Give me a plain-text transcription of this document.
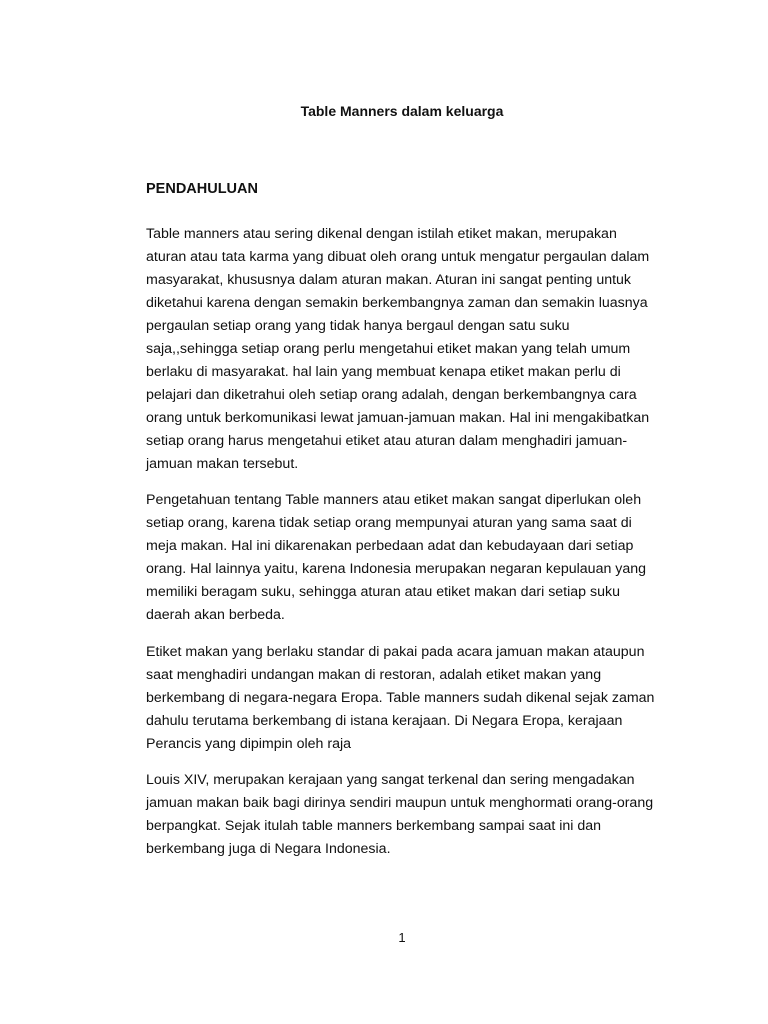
Table Manners dalam keluarga
PENDAHULUAN

Table manners atau sering dikenal dengan istilah etiket makan, merupakan

aturan atau tata karma yang dibuat oleh orang untuk mengatur pergaulan dalam

masyarakat, khususnya dalam aturan makan. Aturan ini sangat penting untuk

diketahui karena dengan semakin berkembangnya zaman dan semakin luasnya

pergaulan setiap orang yang tidak hanya bergaul dengan satu suku

saja,,sehingga setiap orang perlu mengetahui etiket makan yang telah umum

berlaku di masyarakat. hal lain yang membuat kenapa etiket makan perlu di

pelajari dan diketrahui oleh setiap orang adalah, dengan berkembangnya cara

orang untuk berkomunikasi lewat jamuan-jamuan makan. Hal ini mengakibatkan

setiap orang harus mengetahui etiket atau aturan dalam menghadiri jamuan-

jamuan makan tersebut.

Pengetahuan tentang Table manners atau etiket makan sangat diperlukan oleh

setiap orang, karena tidak setiap orang mempunyai aturan yang sama saat di

meja makan. Hal ini dikarenakan perbedaan adat dan kebudayaan dari setiap

orang. Hal lainnya yaitu, karena Indonesia merupakan negaran kepulauan yang

memiliki beragam suku, sehingga aturan atau etiket makan dari setiap suku

daerah akan berbeda.

Etiket makan yang berlaku standar di pakai pada acara jamuan makan ataupun

saat menghadiri undangan makan di restoran, adalah etiket makan yang

berkembang di negara-negara Eropa. Table manners sudah dikenal sejak zaman

dahulu terutama berkembang di istana kerajaan. Di Negara Eropa, kerajaan

Perancis yang dipimpin oleh raja

Louis XIV, merupakan kerajaan yang sangat terkenal dan sering mengadakan

jamuan makan baik bagi dirinya sendiri maupun untuk menghormati orang-orang

berpangkat. Sejak itulah table manners berkembang sampai saat ini dan

berkembang juga di Negara Indonesia.

1
